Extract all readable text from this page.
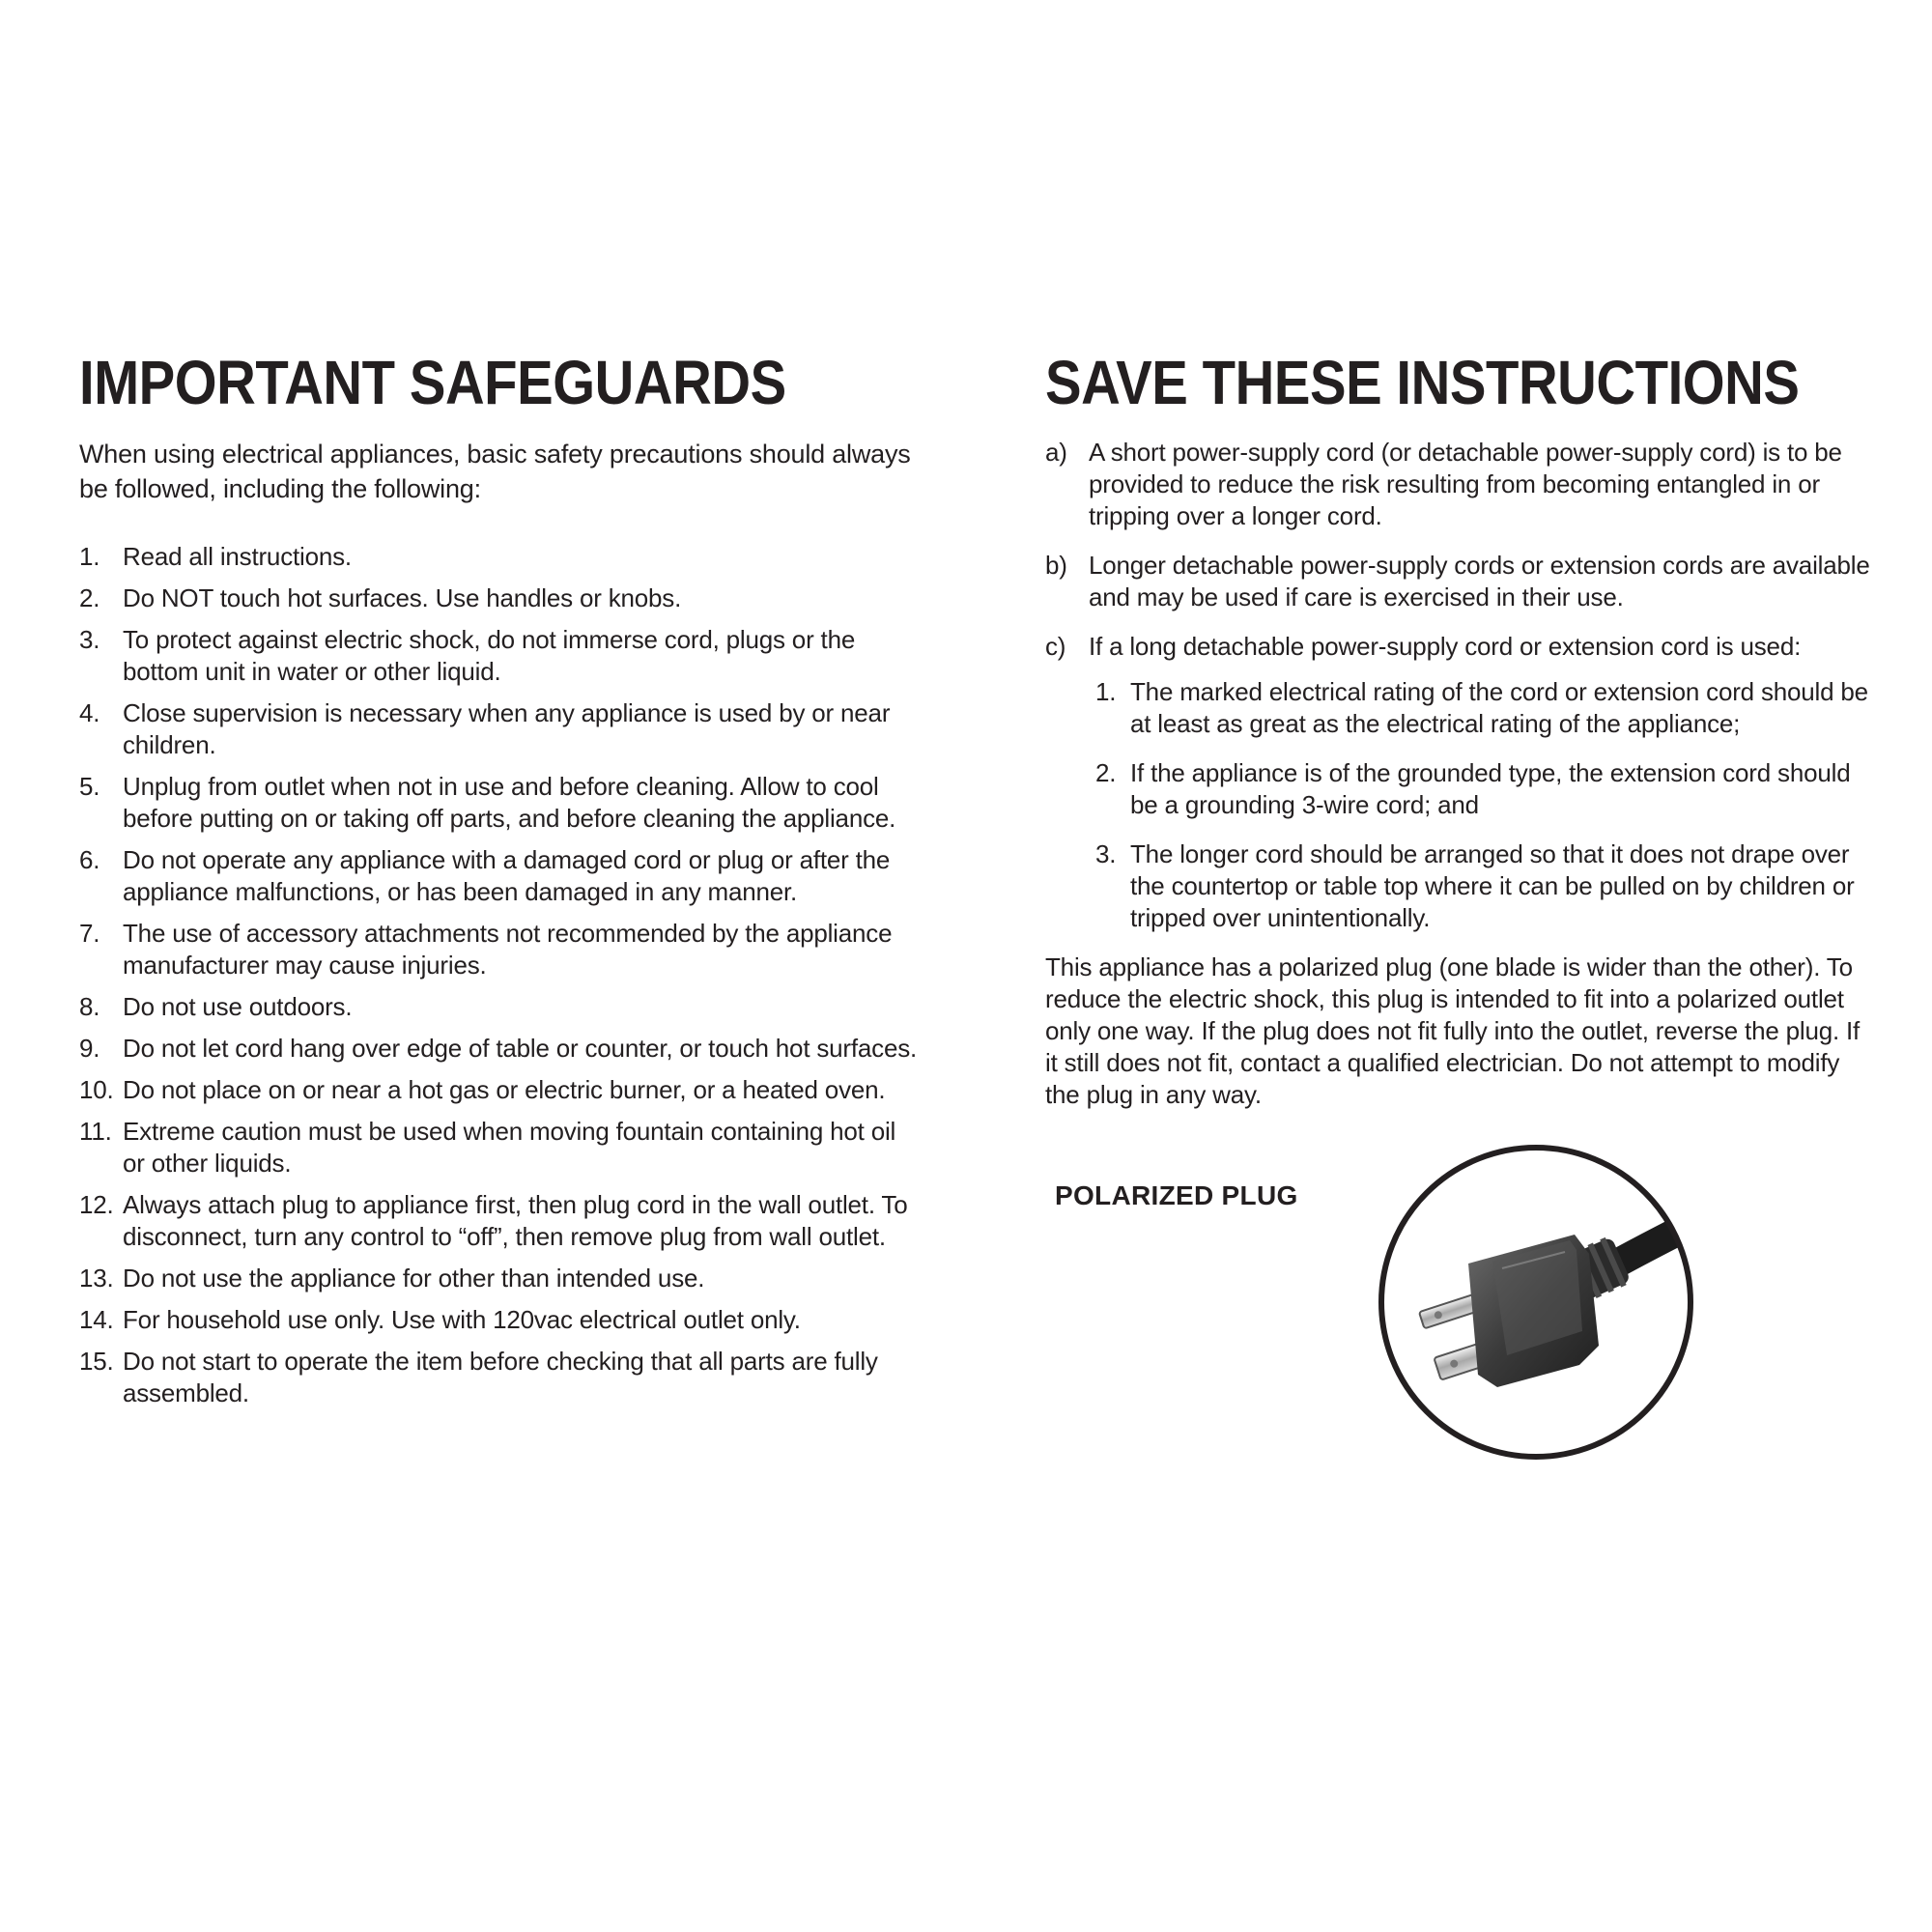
IMPORTANT SAFEGUARDS

When using electrical appliances, basic safety precautions should always be followed, including the following:

1. Read all instructions.
2. Do NOT touch hot surfaces. Use handles or knobs.
3. To protect against electric shock, do not immerse cord, plugs or the bottom unit in water or other liquid.
4. Close supervision is necessary when any appliance is used by or near children.
5. Unplug from outlet when not in use and before cleaning. Allow to cool before putting on or taking off parts, and before cleaning the appliance.
6. Do not operate any appliance with a damaged cord or plug or after the appliance malfunctions, or has been damaged in any manner.
7. The use of accessory attachments not recommended by the appliance manufacturer may cause injuries.
8. Do not use outdoors.
9. Do not let cord hang over edge of table or counter, or touch hot surfaces.
10. Do not place on or near a hot gas or electric burner, or a heated oven.
11. Extreme caution must be used when moving fountain containing hot oil or other liquids.
12. Always attach plug to appliance first, then plug cord in the wall outlet. To disconnect, turn any control to “off”, then remove plug from wall outlet.
13. Do not use the appliance for other than intended use.
14. For household use only. Use with 120vac electrical outlet only.
15. Do not start to operate the item before checking that all parts are fully assembled.
SAVE THESE INSTRUCTIONS
a) A short power-supply cord (or detachable power-supply cord) is to be provided to reduce the risk resulting from becoming entangled in or tripping over a longer cord.
b) Longer detachable power-supply cords or extension cords are available and may be used if care is exercised in their use.
c) If a long detachable power-supply cord or extension cord is used:
1. The marked electrical rating of the cord or extension cord should be at least as great as the electrical rating of the appliance;
2. If the appliance is of the grounded type, the extension cord should be a grounding 3-wire cord; and
3. The longer cord should be arranged so that it does not drape over the countertop or table top where it can be pulled on by children or tripped over unintentionally.

This appliance has a polarized plug (one blade is wider than the other). To reduce the electric shock, this plug is intended to fit into a polarized outlet only one way. If the plug does not fit fully into the outlet, reverse the plug. If it still does not fit, contact a qualified electrician. Do not attempt to modify the plug in any way.

POLARIZED PLUG
